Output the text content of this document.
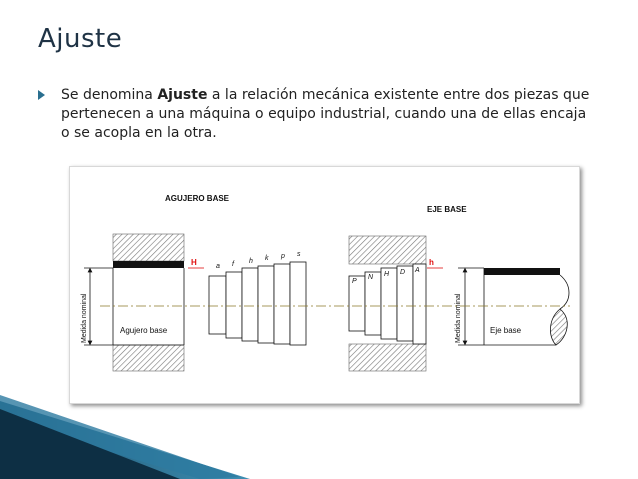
Ajuste
Se denomina Ajuste a la relación mecánica existente entre dos piezas que pertenecen a una máquina o equipo industrial, cuando una de ellas encaja o se acopla en la otra.
AGUJERO BASE
EJE BASE
Medida nominal	Agujero base
H	a f h k p s
P
N H D A
h
Medida nominal	Eje base
